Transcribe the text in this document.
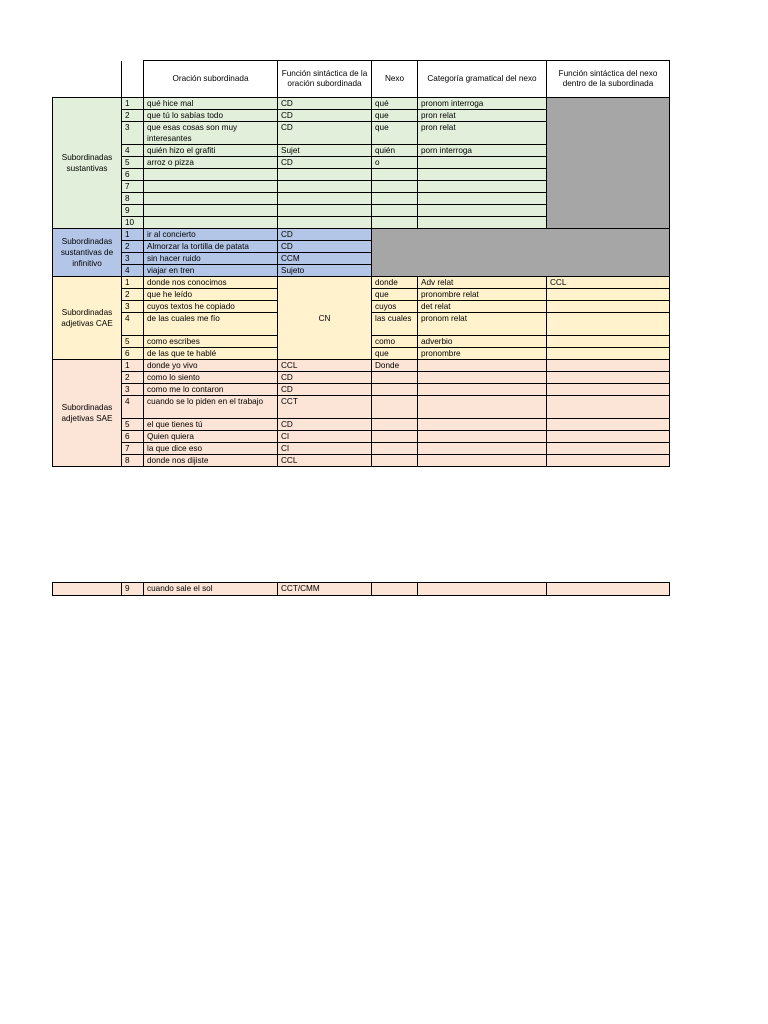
		Oración subordinada	Función sintáctica de la oración subordinada	Nexo	Categoría gramatical del nexo	Función sintáctica del nexo dentro de la subordinada
Subordinadas sustantivas	1	qué hice mal	CD	qué	pronom interroga	
	2	que tú lo sabías todo	CD	que	pron relat	
	3	que esas cosas son muy interesantes	CD	que	pron relat	
	4	quién hizo el grafiti	Sujet	quién	porn interroga	
	5	arroz o pizza	CD	o		
	6					
	7					
	8					
	9					
	10					
Subordinadas sustantivas de infinitivo	1	ir al concierto	CD			
	2	Almorzar la tortilla de patata	CD			
	3	sin hacer ruido	CCM			
	4	viajar en tren	Sujeto			
Subordinadas adjetivas CAE	1	donde nos conocimos	CN	donde	Adv relat	CCL
	2	que he leído		que	pronombre relat	
	3	cuyos textos he copiado		cuyos	det relat	
	4	de las cuales me fío		las cuales	pronom relat	
	5	como escribes		como	adverbio	
	6	de las que te hablé		que	pronombre	
Subordinadas adjetivas SAE	1	donde yo vivo	CCL	Donde		
	2	como lo siento	CD			
	3	como me lo contaron	CD			
	4	cuando se lo piden en el trabajo	CCT			
	5	el que tienes tú	CD			
	6	Quien quiera	CI			
	7	la que dice eso	CI			
	8	donde nos dijiste	CCL			
	9	cuando sale el sol	CCT/CMM			
